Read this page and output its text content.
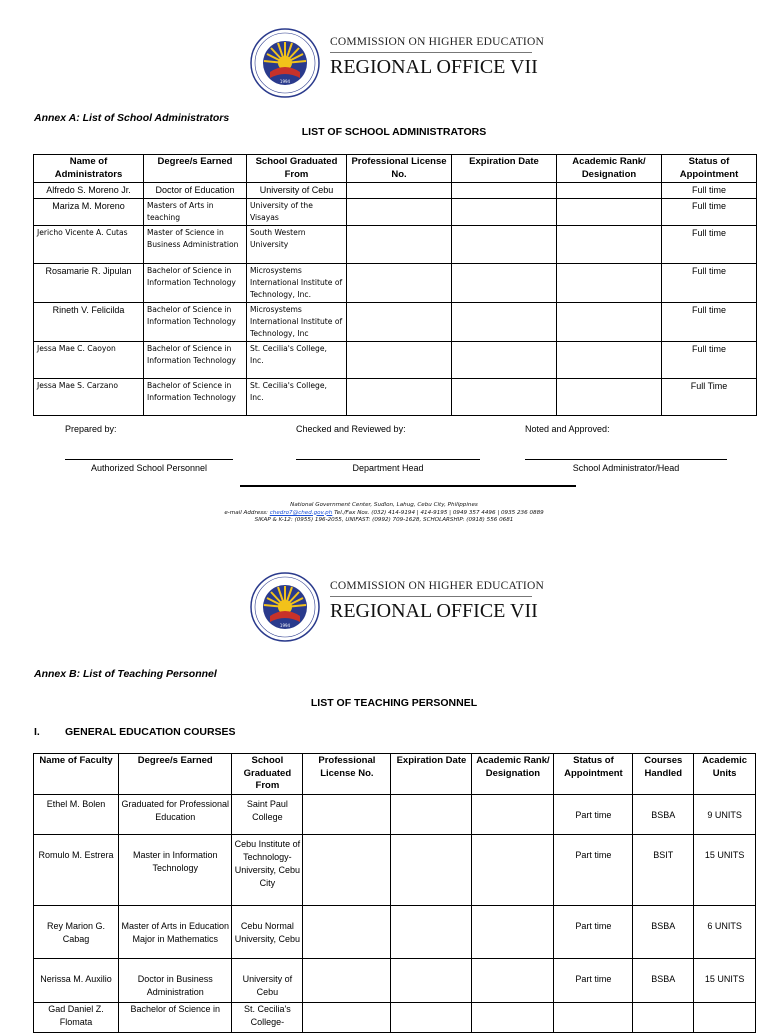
1994
COMMISSION ON HIGHER EDUCATION
REGIONAL OFFICE VII
Annex A: List of School Administrators
LIST OF SCHOOL ADMINISTRATORS
Name of Administrators	Degree/s Earned	School Graduated From	Professional License No.	Expiration Date	Academic Rank/ Designation	Status of Appointment
Alfredo S. Moreno Jr.	Doctor of Education	University of Cebu				Full time
Mariza M. Moreno	Masters of Arts in teaching	University of the Visayas				Full time
Jericho Vicente A. Cutas	Master of Science in Business Administration	South Western University				Full time
Rosamarie R. Jipulan	Bachelor of Science in Information Technology	Microsystems International Institute of Technology, Inc.				Full time
Rineth V. Felicilda	Bachelor of Science in Information Technology	Microsystems International Institute of Technology, Inc				Full time
Jessa Mae C. Caoyon	Bachelor of Science in Information Technology	St. Cecilia's College, Inc.				Full time
Jessa Mae S. Carzano	Bachelor of Science in Information Technology	St. Cecilia's College, Inc.				Full Time
Prepared by:	Checked and Reviewed by:	Noted and Approved:
Authorized School Personnel	Department Head	School Administrator/Head
National Government Center, Sudlon, Lahug, Cebu City, Philippines
e-mail Address: chedro7@ched.gov.ph Tel./Fax Nos. (032) 414-9194 | 414-9195 | 0949 357 4496 | 0935 236 0889
SIKAP & K-12: (0955) 196-2055, UNIFAST: (0992) 709-1628, SCHOLARSHIP: (0918) 556 0681
1994
COMMISSION ON HIGHER EDUCATION
REGIONAL OFFICE VII
Annex B: List of Teaching Personnel
LIST OF TEACHING PERSONNEL
I. GENERAL EDUCATION COURSES
Name of Faculty	Degree/s Earned	School Graduated From	Professional License No.	Expiration Date	Academic Rank/ Designation	Status of Appointment	Courses Handled	Academic Units
Ethel M. Bolen	Graduated for Professional Education	Saint Paul College				Part time	BSBA	9 UNITS
Romulo M. Estrera	Master in Information Technology	Cebu Institute of Technology-University, Cebu City				Part time	BSIT	15 UNITS
Rey Marion G. Cabag	Master of Arts in Education Major in Mathematics	Cebu Normal University, Cebu				Part time	BSBA	6 UNITS
Nerissa M. Auxilio	Doctor in Business Administration	University of Cebu				Part time	BSBA	15 UNITS
Gad Daniel Z. Flomata	Bachelor of Science in	St. Cecilia's College-						
